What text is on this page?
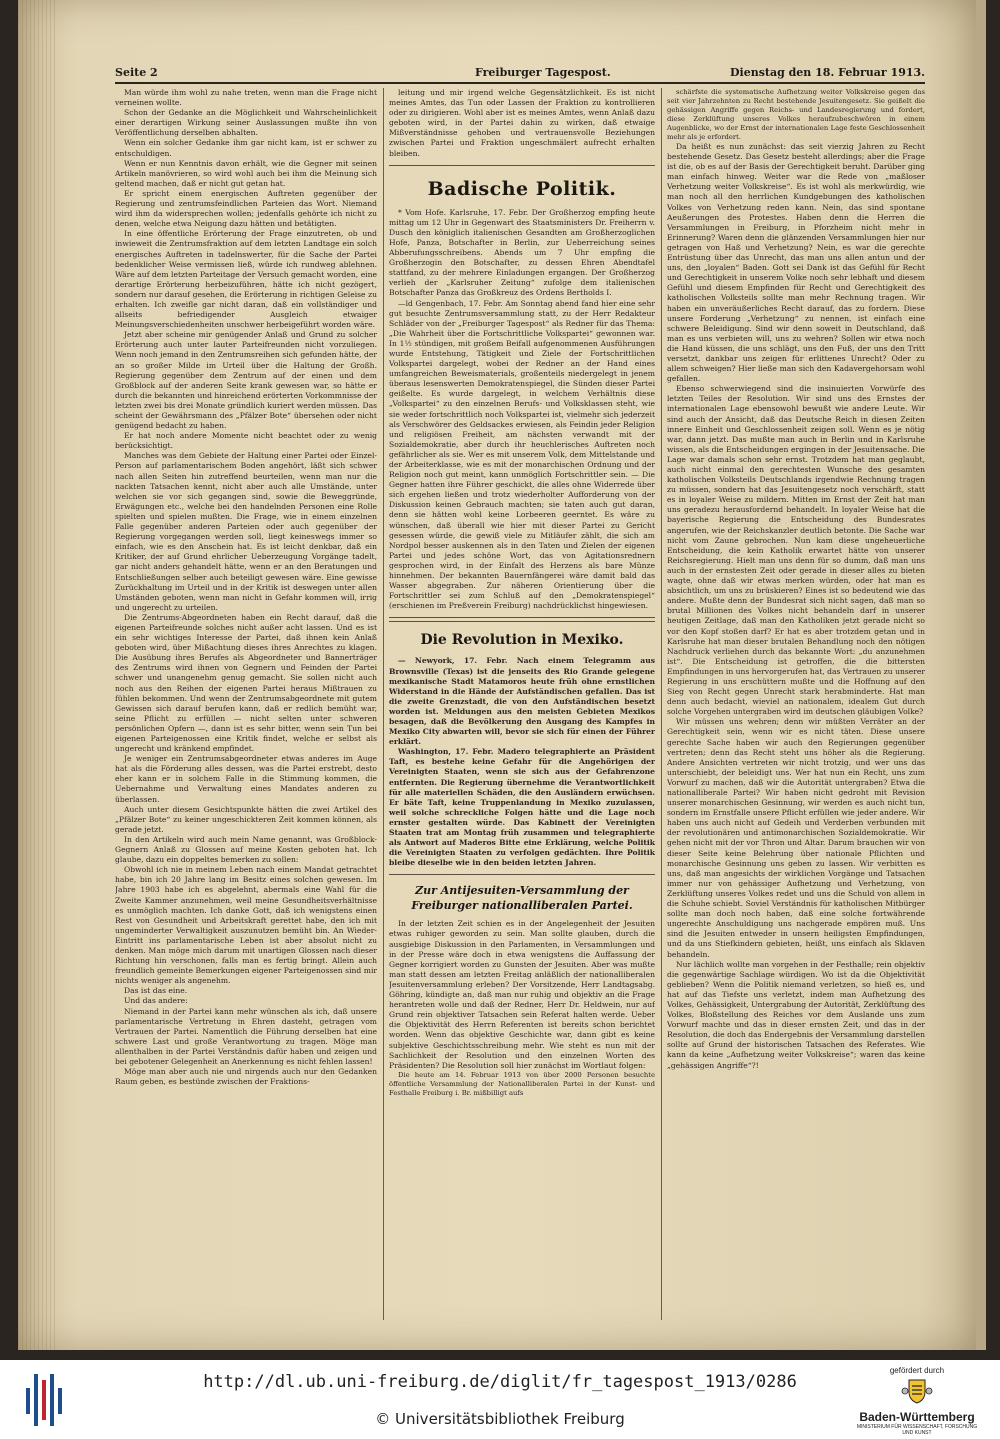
Seite 2	Freiburger Tagespost.	Dienstag den 18. Februar 1913.

Man würde ihm wohl zu nahe treten, wenn man die Frage nicht verneinen wollte.

Schon der Gedanke an die Möglichkeit und Wahrscheinlichkeit einer derartigen Wirkung seiner Auslassungen mußte ihn von Veröffentlichung derselben abhalten.

Wenn ein solcher Gedanke ihm gar nicht kam, ist er schwer zu entschuldigen.

Wenn er nun Kenntnis davon erhält, wie die Gegner mit seinen Artikeln manövrieren, so wird wohl auch bei ihm die Meinung sich geltend machen, daß er nicht gut getan hat.

Er spricht einem energischen Auftreten gegenüber der Regierung und zentrumsfeindlichen Parteien das Wort. Niemand wird ihm da widersprechen wollen; jedenfalls gehörte ich nicht zu denen, welche etwa Neigung dazu hätten und betätigten.

In eine öffentliche Erörterung der Frage einzutreten, ob und inwieweit die Zentrumsfraktion auf dem letzten Landtage ein solch energisches Auftreten in tadelnswerter, für die Sache der Partei bedenklicher Weise vermissen ließ, würde ich rundweg ablehnen. Wäre auf dem letzten Parteitage der Versuch gemacht worden, eine derartige Erörterung herbeizuführen, hätte ich nicht gezögert, sondern nur darauf gesehen, die Erörterung in richtigen Geleise zu erhalten. Ich zweifle gar nicht daran, daß ein vollständiger und allseits befriedigender Ausgleich etwaiger Meinungsverschiedenheiten unschwer herbeigeführt worden wäre.

Jetzt aber scheine mir genügender Anlaß und Grund zu solcher Erörterung auch unter lauter Parteifreunden nicht vorzuliegen. Wenn noch jemand in den Zentrumsreihen sich gefunden hätte, der an so großer Milde im Urteil über die Haltung der Großh. Regierung gegenüber dem Zentrum auf der einen und dem Großblock auf der anderen Seite krank gewesen war, so hätte er durch die bekannten und hinreichend erörterten Vorkommnisse der letzten zwei bis drei Monate gründlich kuriert werden müssen. Das scheint der Gewährsmann des „Pfälzer Bote“ übersehen oder nicht genügend bedacht zu haben.

Er hat noch andere Momente nicht beachtet oder zu wenig berücksichtigt.

Manches was dem Gebiete der Haltung einer Partei oder Einzel-Person auf parlamentarischem Boden angehört, läßt sich schwer nach allen Seiten hin zutreffend beurteilen, wenn man nur die nackten Tatsachen kennt, nicht aber auch alle Umstände, unter welchen sie vor sich gegangen sind, sowie die Beweggründe, Erwägungen etc., welche bei den handelnden Personen eine Rolle spielten und spielen mußten. Die Frage, wie in einem einzelnen Falle gegenüber anderen Parteien oder auch gegenüber der Regierung vorgegangen werden soll, liegt keineswegs immer so einfach, wie es den Anschein hat. Es ist leicht denkbar, daß ein Kritiker, der auf Grund ehrlicher Ueberzeugung Vorgänge tadelt, gar nicht anders gehandelt hätte, wenn er an den Beratungen und Entschließungen selber auch beteiligt gewesen wäre. Eine gewisse Zurückhaltung im Urteil und in der Kritik ist deswegen unter allen Umständen geboten, wenn man nicht in Gefahr kommen will, irrig und ungerecht zu urteilen.

Die Zentrums-Abgeordneten haben ein Recht darauf, daß die eigenen Parteifreunde solches nicht außer acht lassen. Und es ist ein sehr wichtiges Interesse der Partei, daß ihnen kein Anlaß geboten wird, über Mißachtung dieses ihres Anrechtes zu klagen. Die Ausübung ihres Berufes als Abgeordneter und Bannerträger des Zentrums wird ihnen von Gegnern und Feinden der Partei schwer und unangenehm genug gemacht. Sie sollen nicht auch noch aus den Reihen der eigenen Partei heraus Mißtrauen zu fühlen bekommen. Und wenn der Zentrumsabgeordnete mit gutem Gewissen sich darauf berufen kann, daß er redlich bemüht war, seine Pflicht zu erfüllen — nicht selten unter schweren persönlichen Opfern —, dann ist es sehr bitter, wenn sein Tun bei eigenen Parteigenossen eine Kritik findet, welche er selbst als ungerecht und kränkend empfindet.

Je weniger ein Zentrumsabgeordneter etwas anderes im Auge hat als die Förderung alles dessen, was die Partei erstrebt, desto eher kann er in solchem Falle in die Stimmung kommen, die Uebernahme und Verwaltung eines Mandates anderen zu überlassen.

Auch unter diesem Gesichtspunkte hätten die zwei Artikel des „Pfälzer Bote“ zu keiner ungeschickteren Zeit kommen können, als gerade jetzt.

In den Artikeln wird auch mein Name genannt, was Großblock-Gegnern Anlaß zu Glossen auf meine Kosten geboten hat. Ich glaube, dazu ein doppeltes bemerken zu sollen:

Obwohl ich nie in meinem Leben nach einem Mandat getrachtet habe, bin ich 20 Jahre lang im Besitz eines solchen gewesen. Im Jahre 1903 habe ich es abgelehnt, abermals eine Wahl für die Zweite Kammer anzunehmen, weil meine Gesundheitsverhältnisse es unmöglich machten. Ich danke Gott, daß ich wenigstens einen Rest von Gesundheit und Arbeitskraft gerettet habe, den ich mit ungeminderter Verwaltigkeit auszunutzen bemüht bin. An Wieder-Eintritt ins parlamentarische Leben ist aber absolut nicht zu denken. Man möge mich darum mit unartigen Glossen nach dieser Richtung hin verschonen, falls man es fertig bringt. Allein auch freundlich gemeinte Bemerkungen eigener Parteigenossen sind mir nichts weniger als angenehm.

Das ist das eine.

Und das andere:

Niemand in der Partei kann mehr wünschen als ich, daß unsere parlamentarische Vertretung in Ehren dasteht, getragen vom Vertrauen der Partei. Namentlich die Führung derselben hat eine schwere Last und große Verantwortung zu tragen. Möge man allenthalben in der Partei Verständnis dafür haben und zeigen und bei gebotener Gelegenheit an Anerkennung es nicht fehlen lassen!

Möge man aber auch nie und nirgends auch nur den Gedanken Raum geben, es bestünde zwischen der Fraktions-

leitung und mir irgend welche Gegensätzlichkeit. Es ist nicht meines Amtes, das Tun oder Lassen der Fraktion zu kontrollieren oder zu dirigieren. Wohl aber ist es meines Amtes, wenn Anlaß dazu geboten wird, in der Partei dahin zu wirken, daß etwaige Mißverständnisse gehoben und vertrauensvolle Beziehungen zwischen Partei und Fraktion ungeschmälert aufrecht erhalten bleiben.

Badische Politik.

* Vom Hofe. Karlsruhe, 17. Febr. Der Großherzog empfing heute mittag um 12 Uhr in Gegenwart des Staatsministers Dr. Freiherrn v. Dusch den königlich italienischen Gesandten am Großherzoglichen Hofe, Panza, Botschafter in Berlin, zur Ueberreichung seines Abberufungsschreibens. Abends um 7 Uhr empfing die Großherzogin den Botschafter, zu dessen Ehren Abendtafel stattfand, zu der mehrere Einladungen ergangen. Der Großherzog verlieh der „Karlsruher Zeitung“ zufolge dem italienischen Botschafter Panza das Großkreuz des Ordens Bertholds I.

—ld Gengenbach, 17. Febr. Am Sonntag abend fand hier eine sehr gut besuchte Zentrumsversammlung statt, zu der Herr Redakteur Schläder von der „Freiburger Tagespost“ als Redner für das Thema: „Die Wahrheit über die Fortschrittliche Volkspartei“ gewonnen war. In 1½ stündigen, mit großem Beifall aufgenommenen Ausführungen wurde Entstehung, Tätigkeit und Ziele der Fortschrittlichen Volkspartei dargelegt, wobei der Redner an der Hand eines umfangreichen Beweismaterials, großenteils niedergelegt in jenem überaus lesenswerten Demokratenspiegel, die Sünden dieser Partei geißelte. Es wurde dargelegt, in welchem Verhältnis diese „Volkspartei“ zu den einzelnen Berufs- und Volksklassen steht, wie sie weder fortschrittlich noch Volkspartei ist, vielmehr sich jederzeit als Verschwörer des Geldsackes erwiesen, als Feindin jeder Religion und religiösen Freiheit, am nächsten verwandt mit der Sozialdemokratie, aber durch ihr heuchlerisches Auftreten noch gefährlicher als sie. Wer es mit unserem Volk, dem Mittelstande und der Arbeiterklasse, wie es mit der monarchischen Ordnung und der Religion noch gut meint, kann unmöglich Fortschrittler sein. — Die Gegner hatten ihre Führer geschickt, die alles ohne Widerrede über sich ergehen ließen und trotz wiederholter Aufforderung von der Diskussion keinen Gebrauch machten; sie taten auch gut daran, denn sie hätten wohl keine Lorbeeren geerntet. Es wäre zu wünschen, daß überall wie hier mit dieser Partei zu Gericht gesessen würde, die gewiß viele zu Mitläufer zählt, die sich am Nordpol besser auskennen als in den Taten und Zielen der eigenen Partei und jedes schöne Wort, das von Agitationsrednern gesprochen wird, in der Einfalt des Herzens als bare Münze hinnehmen. Der bekannten Bauernfängerei wäre damit bald das Wasser abgegraben. Zur näheren Orientierung über die Fortschrittler sei zum Schluß auf den „Demokratenspiegel“ (erschienen im Preßverein Freiburg) nachdrücklichst hingewiesen.

Die Revolution in Mexiko.

— Newyork, 17. Febr. Nach einem Telegramm aus Brownsville (Texas) ist die jenseits des Rio Grande gelegene mexikanische Stadt Matamoros heute früh ohne ernstlichen Widerstand in die Hände der Aufständischen gefallen. Das ist die zweite Grenzstadt, die von den Aufständischen besetzt worden ist. Meldungen aus den meisten Gebieten Mexikos besagen, daß die Bevölkerung den Ausgang des Kampfes in Mexiko City abwarten will, bevor sie sich für einen der Führer erklärt.

Washington, 17. Febr. Madero telegraphierte an Präsident Taft, es bestehe keine Gefahr für die Angehörigen der Vereinigten Staaten, wenn sie sich aus der Gefahrenzone entfernten. Die Regierung übernehme die Verantwortlichkeit für alle materiellen Schäden, die den Ausländern erwüchsen. Er bäte Taft, keine Truppenlandung in Mexiko zuzulassen, weil solche schreckliche Folgen hätte und die Lage noch ernster gestalten würde. Das Kabinett der Vereinigten Staaten trat am Montag früh zusammen und telegraphierte als Antwort auf Maderos Bitte eine Erklärung, welche Politik die Vereinigten Staaten zu verfolgen gedächten. Ihre Politik bleibe dieselbe wie in den beiden letzten Jahren.

Zur Antijesuiten-Versammlung der Freiburger nationalliberalen Partei.

In der letzten Zeit schien es in der Angelegenheit der Jesuiten etwas ruhiger geworden zu sein. Man sollte glauben, durch die ausgiebige Diskussion in den Parlamenten, in Versammlungen und in der Presse wäre doch in etwa wenigstens die Auffassung der Gegner korrigiert worden zu Gunsten der Jesuiten. Aber was mußte man statt dessen am letzten Freitag anläßlich der nationalliberalen Jesuitenversammlung erleben? Der Vorsitzende, Herr Landtagsabg. Göhring, kündigte an, daß man nur ruhig und objektiv an die Frage herantreten wolle und daß der Redner, Herr Dr. Heldwein, nur auf Grund rein objektiver Tatsachen sein Referat halten werde. Ueber die Objektivität des Herrn Referenten ist bereits schon berichtet worden. Wenn das objektive Geschichte war, dann gibt es keine subjektive Geschichtsschreibung mehr. Wie steht es nun mit der Sachlichkeit der Resolution und den einzelnen Worten des Präsidenten? Die Resolution soll hier zunächst im Wortlaut folgen:

Die heute am 14. Februar 1913 von über 2000 Personen besuchte öffentliche Versammlung der Nationalliberalen Partei in der Kunst- und Festhalle Freiburg i. Br. mißbilligt aufs

schärfste die systematische Aufhetzung weiter Volkskreise gegen das seit vier Jahrzehnten zu Recht bestehende Jesuitengesetz. Sie geißelt die gehässigen Angriffe gegen Reichs- und Landesregierung und fordert, diese Zerklüftung unseres Volkes heraufzubeschwören in einem Augenblicke, wo der Ernst der internationalen Lage feste Geschlossenheit mehr als je erfordert.

Da heißt es nun zunächst: das seit vierzig Jahren zu Recht bestehende Gesetz. Das Gesetz besteht allerdings; aber die Frage ist die, ob es auf der Basis der Gerechtigkeit beruht. Darüber ging man einfach hinweg. Weiter war die Rede von „maßloser Verhetzung weiter Volkskreise“. Es ist wohl als merkwürdig, wie man noch all den herrlichen Kundgebungen des katholischen Volkes von Verhetzung reden kann. Nein, das sind spontane Aeußerungen des Protestes. Haben denn die Herren die Versammlungen in Freiburg, in Pforzheim nicht mehr in Erinnerung? Waren denn die glänzenden Versammlungen hier nur getragen von Haß und Verhetzung? Nein, es war die gerechte Entrüstung über das Unrecht, das man uns allen antun und der uns, den „loyalen“ Baden. Gott sei Dank ist das Gefühl für Recht und Gerechtigkeit in unserem Volke noch sehr lebhaft und diesem Gefühl und diesem Empfinden für Recht und Gerechtigkeit des katholischen Volksteils sollte man mehr Rechnung tragen. Wir haben ein unveräußerliches Recht darauf, das zu fordern. Diese unsere Forderung „Verhetzung“ zu nennen, ist einfach eine schwere Beleidigung. Sind wir denn soweit in Deutschland, daß man es uns verbieten will, uns zu wehren? Sollen wir etwa noch die Hand küssen, die uns schlägt, uns den Fuß, der uns den Tritt versetzt, dankbar uns zeigen für erlittenes Unrecht? Oder zu allem schweigen? Hier ließe man sich den Kadavergehorsam wohl gefallen.

Ebenso schwerwiegend sind die insinuierten Vorwürfe des letzten Teiles der Resolution. Wir sind uns des Ernstes der internationalen Lage ebensowohl bewußt wie andere Leute. Wir sind auch der Ansicht, daß das Deutsche Reich in diesen Zeiten innere Einheit und Geschlossenheit zeigen soll. Wenn es je nötig war, dann jetzt. Das mußte man auch in Berlin und in Karlsruhe wissen, als die Entscheidungen ergingen in der Jesuitensache. Die Lage war damals schon sehr ernst. Trotzdem hat man geglaubt, auch nicht einmal den gerechtesten Wunsche des gesamten katholischen Volksteils Deutschlands irgendwie Rechnung tragen zu müssen, sondern hat das Jesuitengesetz noch verschärft, statt es in loyaler Weise zu mildern. Mitten im Ernst der Zeit hat man uns geradezu herausfordernd behandelt. In loyaler Weise hat die bayerische Regierung die Entscheidung des Bundesrates angerufen, wie der Reichskanzler deutlich betonte. Die Sache war nicht vom Zaune gebrochen. Nun kam diese ungeheuerliche Entscheidung, die kein Katholik erwartet hätte von unserer Reichsregierung. Hielt man uns denn für so dumm, daß man uns auch in der ernstesten Zeit oder gerade in dieser alles zu bieten wagte, ohne daß wir etwas merken würden, oder hat man es absichtlich, um uns zu brüskieren? Eines ist so bedeutend wie das andere. Mußte denn der Bundesrat sich nicht sagen, daß man so brutal Millionen des Volkes nicht behandeln darf in unserer heutigen Zeitlage, daß man den Katholiken jetzt gerade nicht so vor den Kopf stoßen darf? Er hat es aber trotzdem getan und in Karlsruhe hat man dieser brutalen Behandlung noch den nötigen Nachdruck verliehen durch das bekannte Wort: „du anzunehmen ist“. Die Entscheidung ist getroffen, die die bittersten Empfindungen in uns hervorgerufen hat, das Vertrauen zu unserer Regierung in uns erschüttern mußte und die Hoffnung auf den Sieg von Recht gegen Unrecht stark herabminderte. Hat man denn auch bedacht, wieviel an nationalem, idealem Gut durch solche Vorgehen untergraben wird im deutschen gläubigen Volke?

Wir müssen uns wehren; denn wir müßten Verräter an der Gerechtigkeit sein, wenn wir es nicht täten. Diese unsere gerechte Sache haben wir auch den Regierungen gegenüber vertreten; denn das Recht steht uns höher als die Regierung. Andere Ansichten vertreten wir nicht trotzig, und wer uns das unterschiebt, der beleidigt uns. Wer hat nun ein Recht, uns zum Vorwurf zu machen, daß wir die Autorität untergraben? Etwa die nationalliberale Partei? Wir haben nicht gedroht mit Revision unserer monarchischen Gesinnung, wir werden es auch nicht tun, sondern im Ernstfalle unsere Pflicht erfüllen wie jeder andere. Wir haben uns auch nicht auf Gedeih und Verderben verbunden mit der revolutionären und antimonarchischen Sozialdemokratie. Wir gehen nicht mit der vor Thron und Altar. Darum brauchen wir von dieser Seite keine Belehrung über nationale Pflichten und monarchische Gesinnung uns geben zu lassen. Wir verbitten es uns, daß man angesichts der wirklichen Vorgänge und Tatsachen immer nur von gehässiger Aufhetzung und Verhetzung, von Zerklüftung unseres Volkes redet und uns die Schuld von allem in die Schuhe schiebt. Soviel Verständnis für katholischen Mitbürger sollte man doch noch haben, daß eine solche fortwährende ungerechte Anschuldigung uns nachgerade empören muß. Uns sind die Jesuiten entweder in unsern heiligsten Empfindungen, und da uns Stiefkindern gebieten, heißt, uns einfach als Sklaven behandeln.

Nur lächlich wollte man vorgehen in der Festhalle; rein objektiv die gegenwärtige Sachlage würdigen. Wo ist da die Objektivität geblieben? Wenn die Politik niemand verletzen, so hieß es, und hat auf das Tiefste uns verletzt, indem man Aufhetzung des Volkes, Gehässigkeit, Untergrabung der Autorität, Zerklüftung des Volkes, Bloßstellung des Reiches vor dem Auslande uns zum Vorwurf machte und das in dieser ernsten Zeit, und das in der Resolution, die doch das Endergebnis der Versammlung darstellen sollte auf Grund der historischen Tatsachen des Referates. Wie kann da keine „Aufhetzung weiter Volkskreise“; waren das keine „gehässigen Angriffe“?!

http://dl.ub.uni-freiburg.de/diglit/fr_tagespost_1913/0286
© Universitätsbibliothek Freiburg
gefördert durch
Baden-Württemberg
MINISTERIUM FÜR WISSENSCHAFT, FORSCHUNG UND KUNST
